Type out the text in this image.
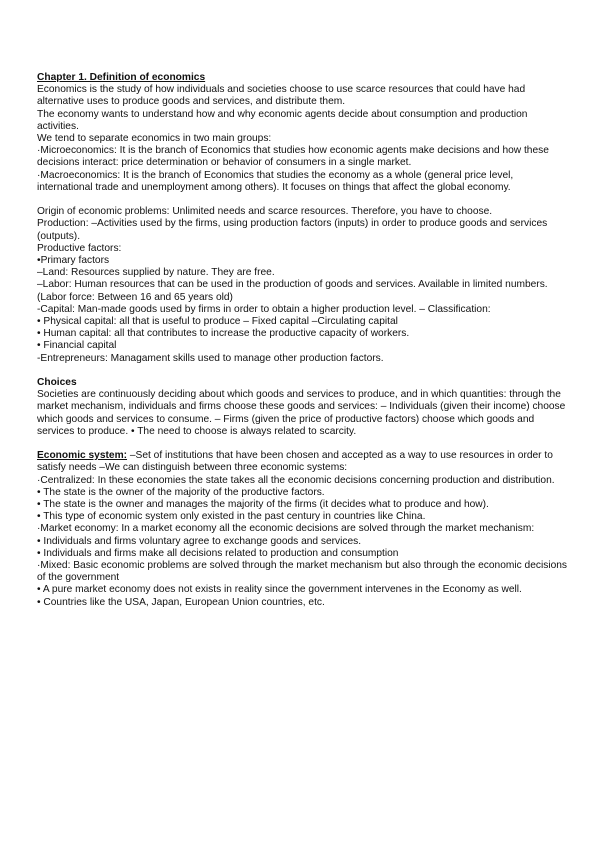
Chapter 1. Definition of economics

Economics is the study of how individuals and societies choose to use scarce resources that could have had alternative uses to produce goods and services, and distribute them.

The economy wants to understand how and why economic agents decide about consumption and production activities.

We tend to separate economics in two main groups:

·Microeconomics: It is the branch of Economics that studies how economic agents make decisions and how these decisions interact: price determination or behavior of consumers in a single market.

·Macroeconomics: It is the branch of Economics that studies the economy as a whole (general price level, international trade and unemployment among others). It focuses on things that affect the global economy.

Origin of economic problems: Unlimited needs and scarce resources. Therefore, you have to choose.

Production: –Activities used by the firms, using production factors (inputs) in order to produce goods and services (outputs).

Productive factors:

•Primary factors

–Land: Resources supplied by nature. They are free.

–Labor: Human resources that can be used in the production of goods and services. Available in limited numbers. (Labor force: Between 16 and 65 years old)

-Capital: Man-made goods used by firms in order to obtain a higher production level. – Classification:

• Physical capital: all that is useful to produce – Fixed capital –Circulating capital

• Human capital: all that contributes to increase the productive capacity of workers.

• Financial capital

-Entrepreneurs: Managament skills used to manage other production factors.

Choices

Societies are continuously deciding about which goods and services to produce, and in which quantities: through the market mechanism, individuals and firms choose these goods and services: – Individuals (given their income) choose which goods and services to consume. – Firms (given the price of productive factors) choose which goods and services to produce. • The need to choose is always related to scarcity.

Economic system: –Set of institutions that have been chosen and accepted as a way to use resources in order to satisfy needs –We can distinguish between three economic systems:

·Centralized: In these economies the state takes all the economic decisions concerning production and distribution.

• The state is the owner of the majority of the productive factors.

• The state is the owner and manages the majority of the firms (it decides what to produce and how).

• This type of economic system only existed in the past century in countries like China.

·Market economy: In a market economy all the economic decisions are solved through the market mechanism:

• Individuals and firms voluntary agree to exchange goods and services.

• Individuals and firms make all decisions related to production and consumption

·Mixed: Basic economic problems are solved through the market mechanism but also through the economic decisions of the government

• A pure market economy does not exists in reality since the government intervenes in the Economy as well.

• Countries like the USA, Japan, European Union countries, etc.
